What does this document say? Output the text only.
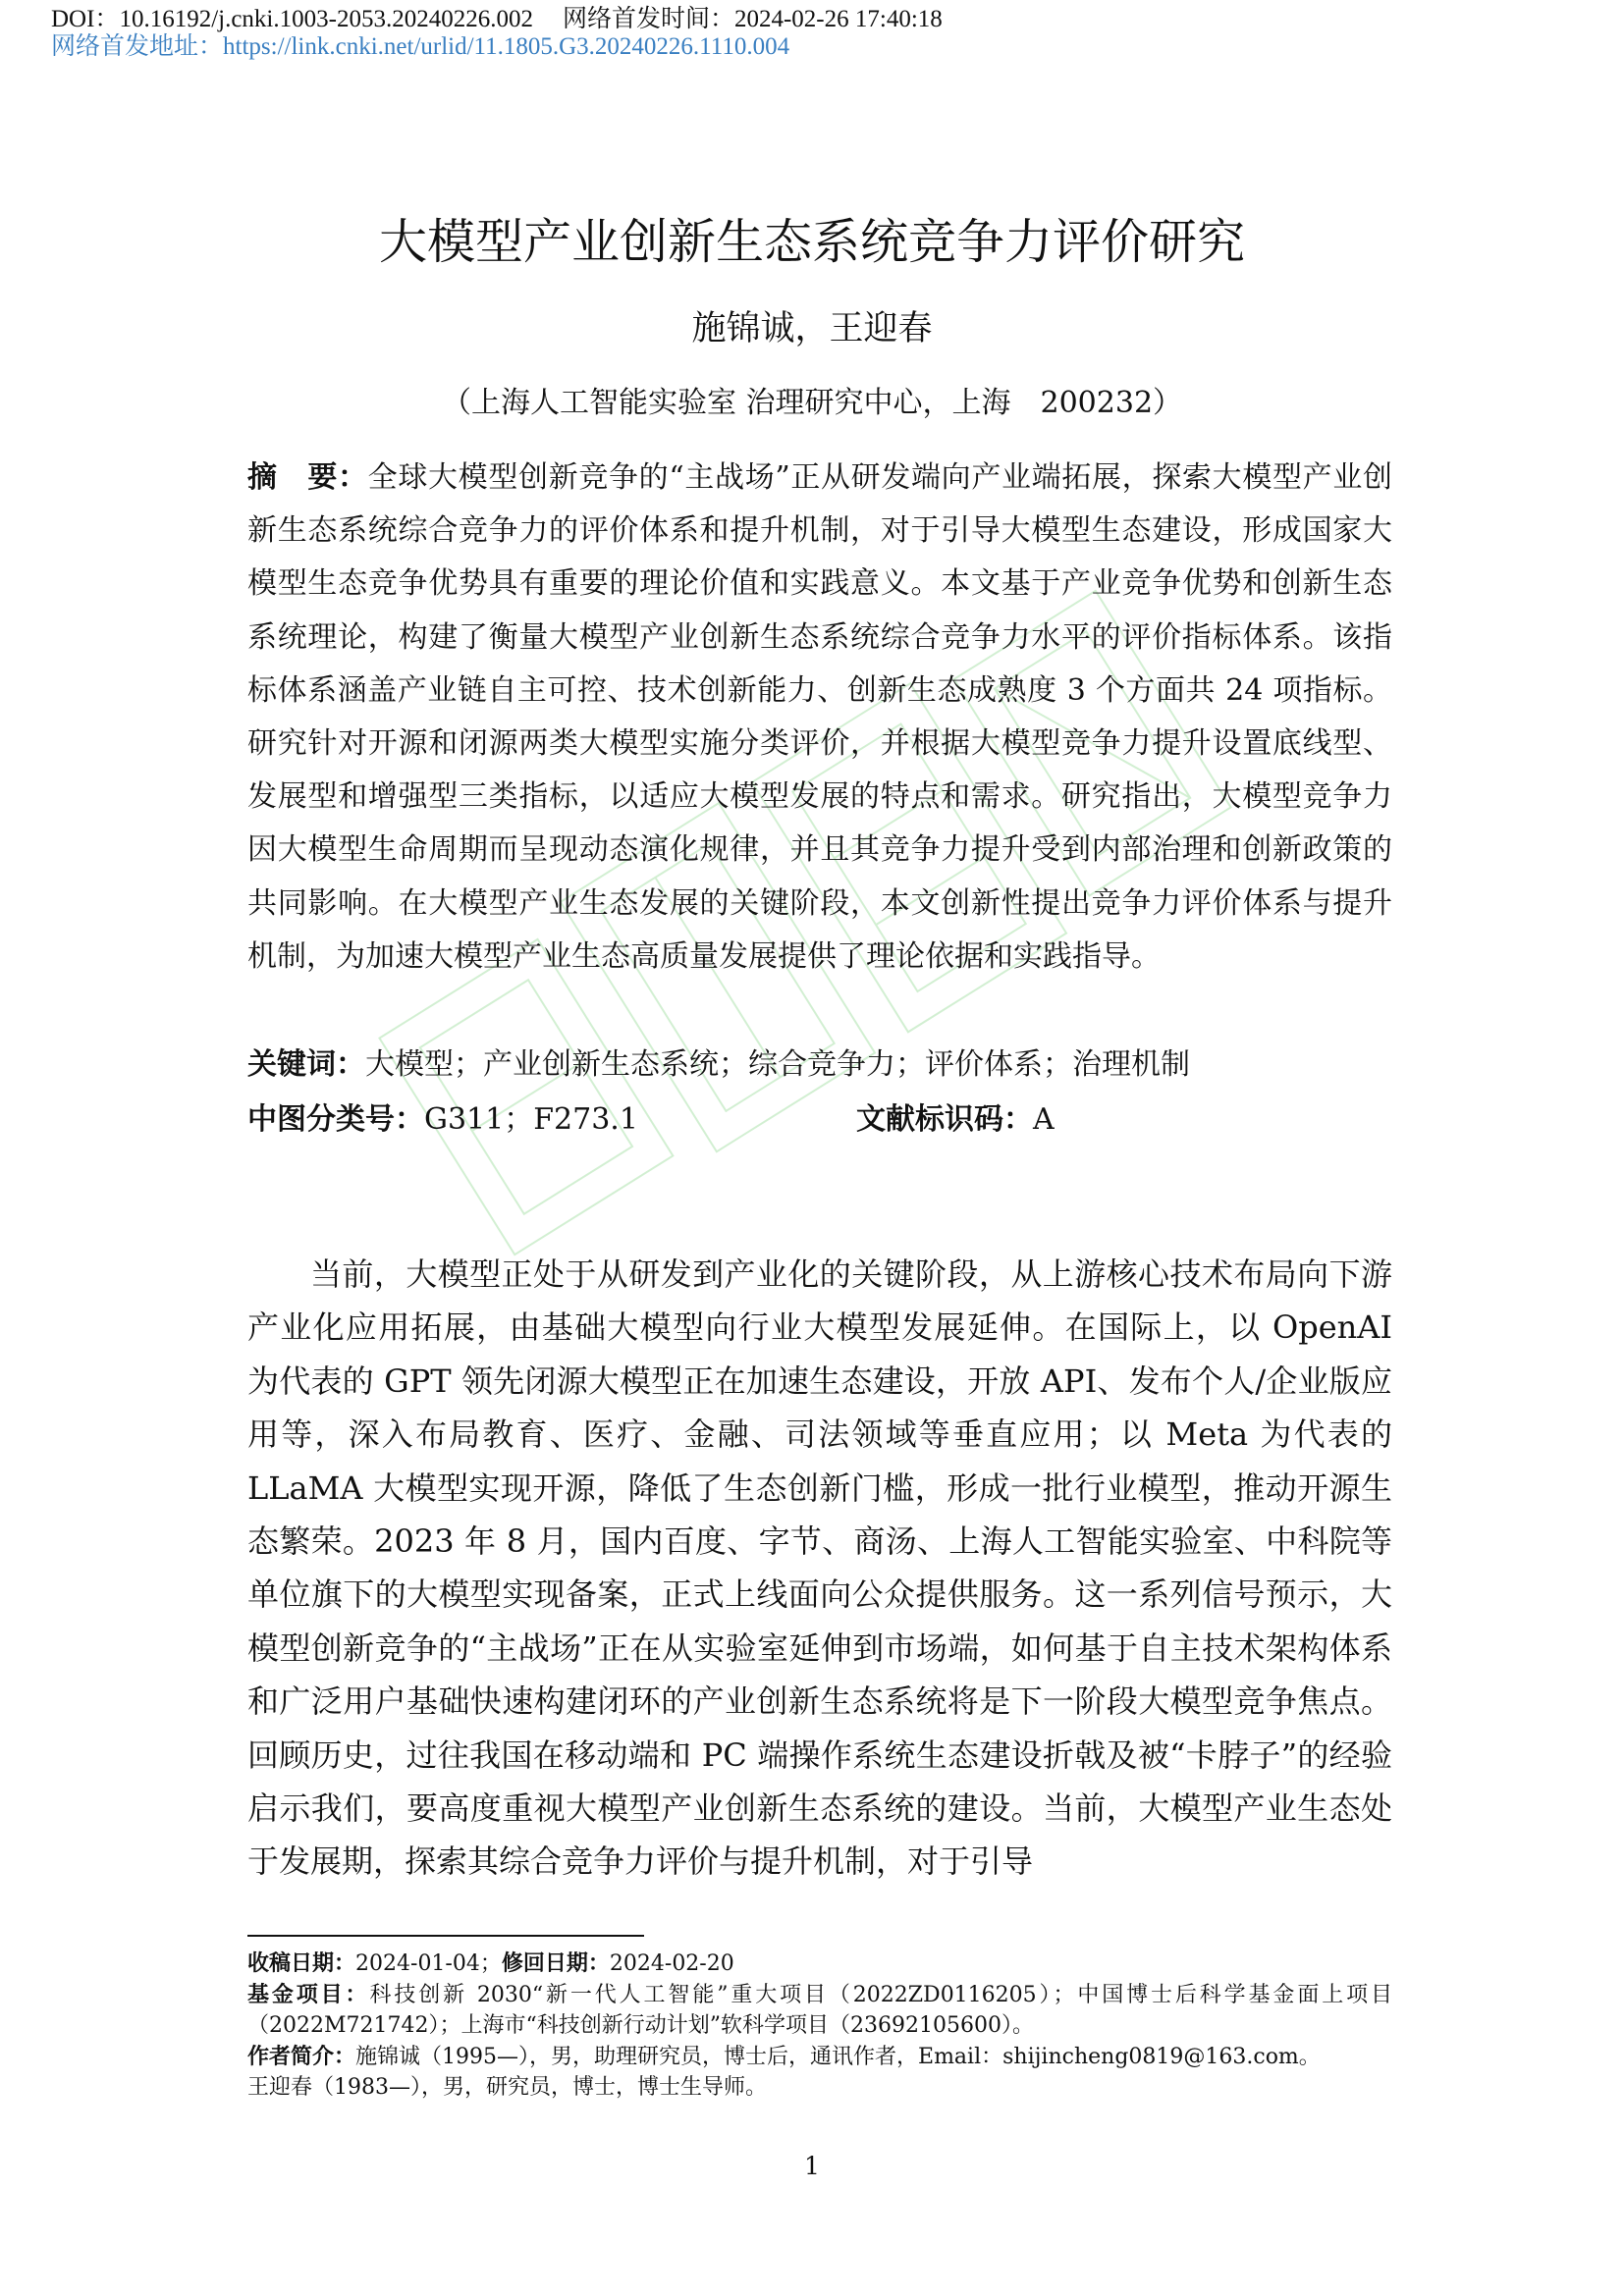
DOI：10.16192/j.cnki.1003-2053.20240226.002 网络首发时间：2024-02-26 17:40:18
网络首发地址：https://link.cnki.net/urlid/11.1805.G3.20240226.1110.004
大模型产业创新生态系统竞争力评价研究
施锦诚，王迎春
（上海人工智能实验室 治理研究中心，上海　200232）

摘　要：全球大模型创新竞争的“主战场”正从研发端向产业端拓展，探索大模型产业创新生态系统综合竞争力的评价体系和提升机制，对于引导大模型生态建设，形成国家大模型生态竞争优势具有重要的理论价值和实践意义。本文基于产业竞争优势和创新生态系统理论，构建了衡量大模型产业创新生态系统综合竞争力水平的评价指标体系。该指标体系涵盖产业链自主可控、技术创新能力、创新生态成熟度 3 个方面共 24 项指标。研究针对开源和闭源两类大模型实施分类评价，并根据大模型竞争力提升设置底线型、发展型和增强型三类指标，以适应大模型发展的特点和需求。研究指出，大模型竞争力因大模型生命周期而呈现动态演化规律，并且其竞争力提升受到内部治理和创新政策的共同影响。在大模型产业生态发展的关键阶段，本文创新性提出竞争力评价体系与提升机制，为加速大模型产业生态高质量发展提供了理论依据和实践指导。

关键词：大模型；产业创新生态系统；综合竞争力；评价体系；治理机制
中图分类号：G311；F273.1	文献标识码：A

当前，大模型正处于从研发到产业化的关键阶段，从上游核心技术布局向下游产业化应用拓展，由基础大模型向行业大模型发展延伸。在国际上，以 OpenAI 为代表的 GPT 领先闭源大模型正在加速生态建设，开放 API、发布个人/企业版应用等，深入布局教育、医疗、金融、司法领域等垂直应用；以 Meta 为代表的 LLaMA 大模型实现开源，降低了生态创新门槛，形成一批行业模型，推动开源生态繁荣。2023 年 8 月，国内百度、字节、商汤、上海人工智能实验室、中科院等单位旗下的大模型实现备案，正式上线面向公众提供服务。这一系列信号预示，大模型创新竞争的“主战场”正在从实验室延伸到市场端，如何基于自主技术架构体系和广泛用户基础快速构建闭环的产业创新生态系统将是下一阶段大模型竞争焦点。回顾历史，过往我国在移动端和 PC 端操作系统生态建设折戟及被“卡脖子”的经验启示我们，要高度重视大模型产业创新生态系统的建设。当前，大模型产业生态处于发展期，探索其综合竞争力评价与提升机制，对于引导

收稿日期：2024-01-04；修回日期：2024-02-20

基金项目：科技创新 2030“新一代人工智能”重大项目（2022ZD0116205）；中国博士后科学基金面上项目（2022M721742）；上海市“科技创新行动计划”软科学项目（23692105600）。

作者简介：施锦诚（1995—），男，助理研究员，博士后，通讯作者，Email：shijincheng0819@163.com。

王迎春（1983—），男，研究员，博士，博士生导师。

1
